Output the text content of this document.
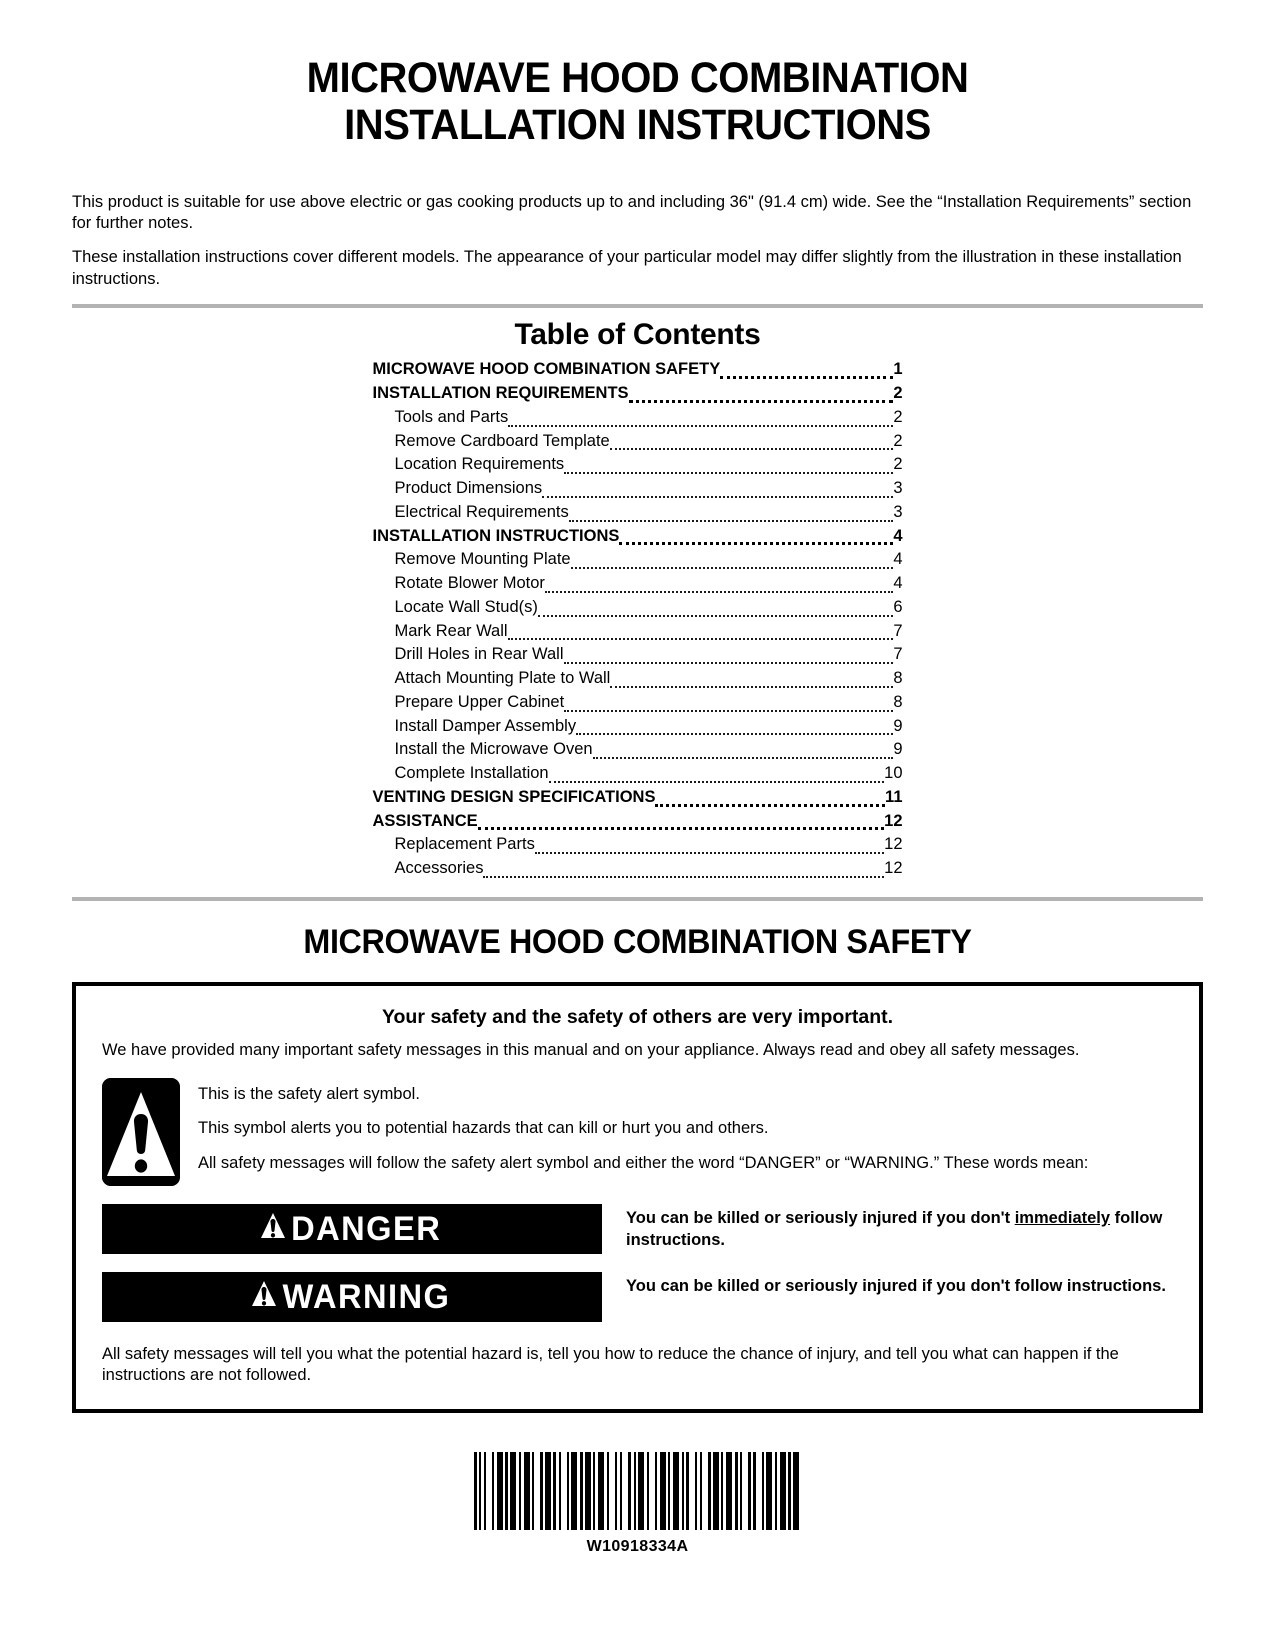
MICROWAVE HOOD COMBINATION
INSTALLATION INSTRUCTIONS

This product is suitable for use above electric or gas cooking products up to and including 36" (91.4 cm) wide. See the “Installation Requirements” section for further notes.

These installation instructions cover different models. The appearance of your particular model may differ slightly from the illustration in these installation instructions.

Table of Contents
MICROWAVE HOOD COMBINATION SAFETY	1
INSTALLATION REQUIREMENTS	2
Tools and Parts	2
Remove Cardboard Template	2
Location Requirements	2
Product Dimensions	3
Electrical Requirements	3
INSTALLATION INSTRUCTIONS	4
Remove Mounting Plate	4
Rotate Blower Motor	4
Locate Wall Stud(s)	6
Mark Rear Wall	7
Drill Holes in Rear Wall	7
Attach Mounting Plate to Wall	8
Prepare Upper Cabinet	8
Install Damper Assembly	9
Install the Microwave Oven	9
Complete Installation	10
VENTING DESIGN SPECIFICATIONS	11
ASSISTANCE	12
Replacement Parts	12
Accessories	12
MICROWAVE HOOD COMBINATION SAFETY
Your safety and the safety of others are very important.

We have provided many important safety messages in this manual and on your appliance. Always read and obey all safety messages.

This is the safety alert symbol.

This symbol alerts you to potential hazards that can kill or hurt you and others.

All safety messages will follow the safety alert symbol and either the word “DANGER” or “WARNING.” These words mean:

DANGER	You can be killed or seriously injured if you don't immediately follow instructions.
WARNING	You can be killed or seriously injured if you don't follow instructions.
All safety messages will tell you what the potential hazard is, tell you how to reduce the chance of injury, and tell you what can happen if the instructions are not followed.
W10918334A
